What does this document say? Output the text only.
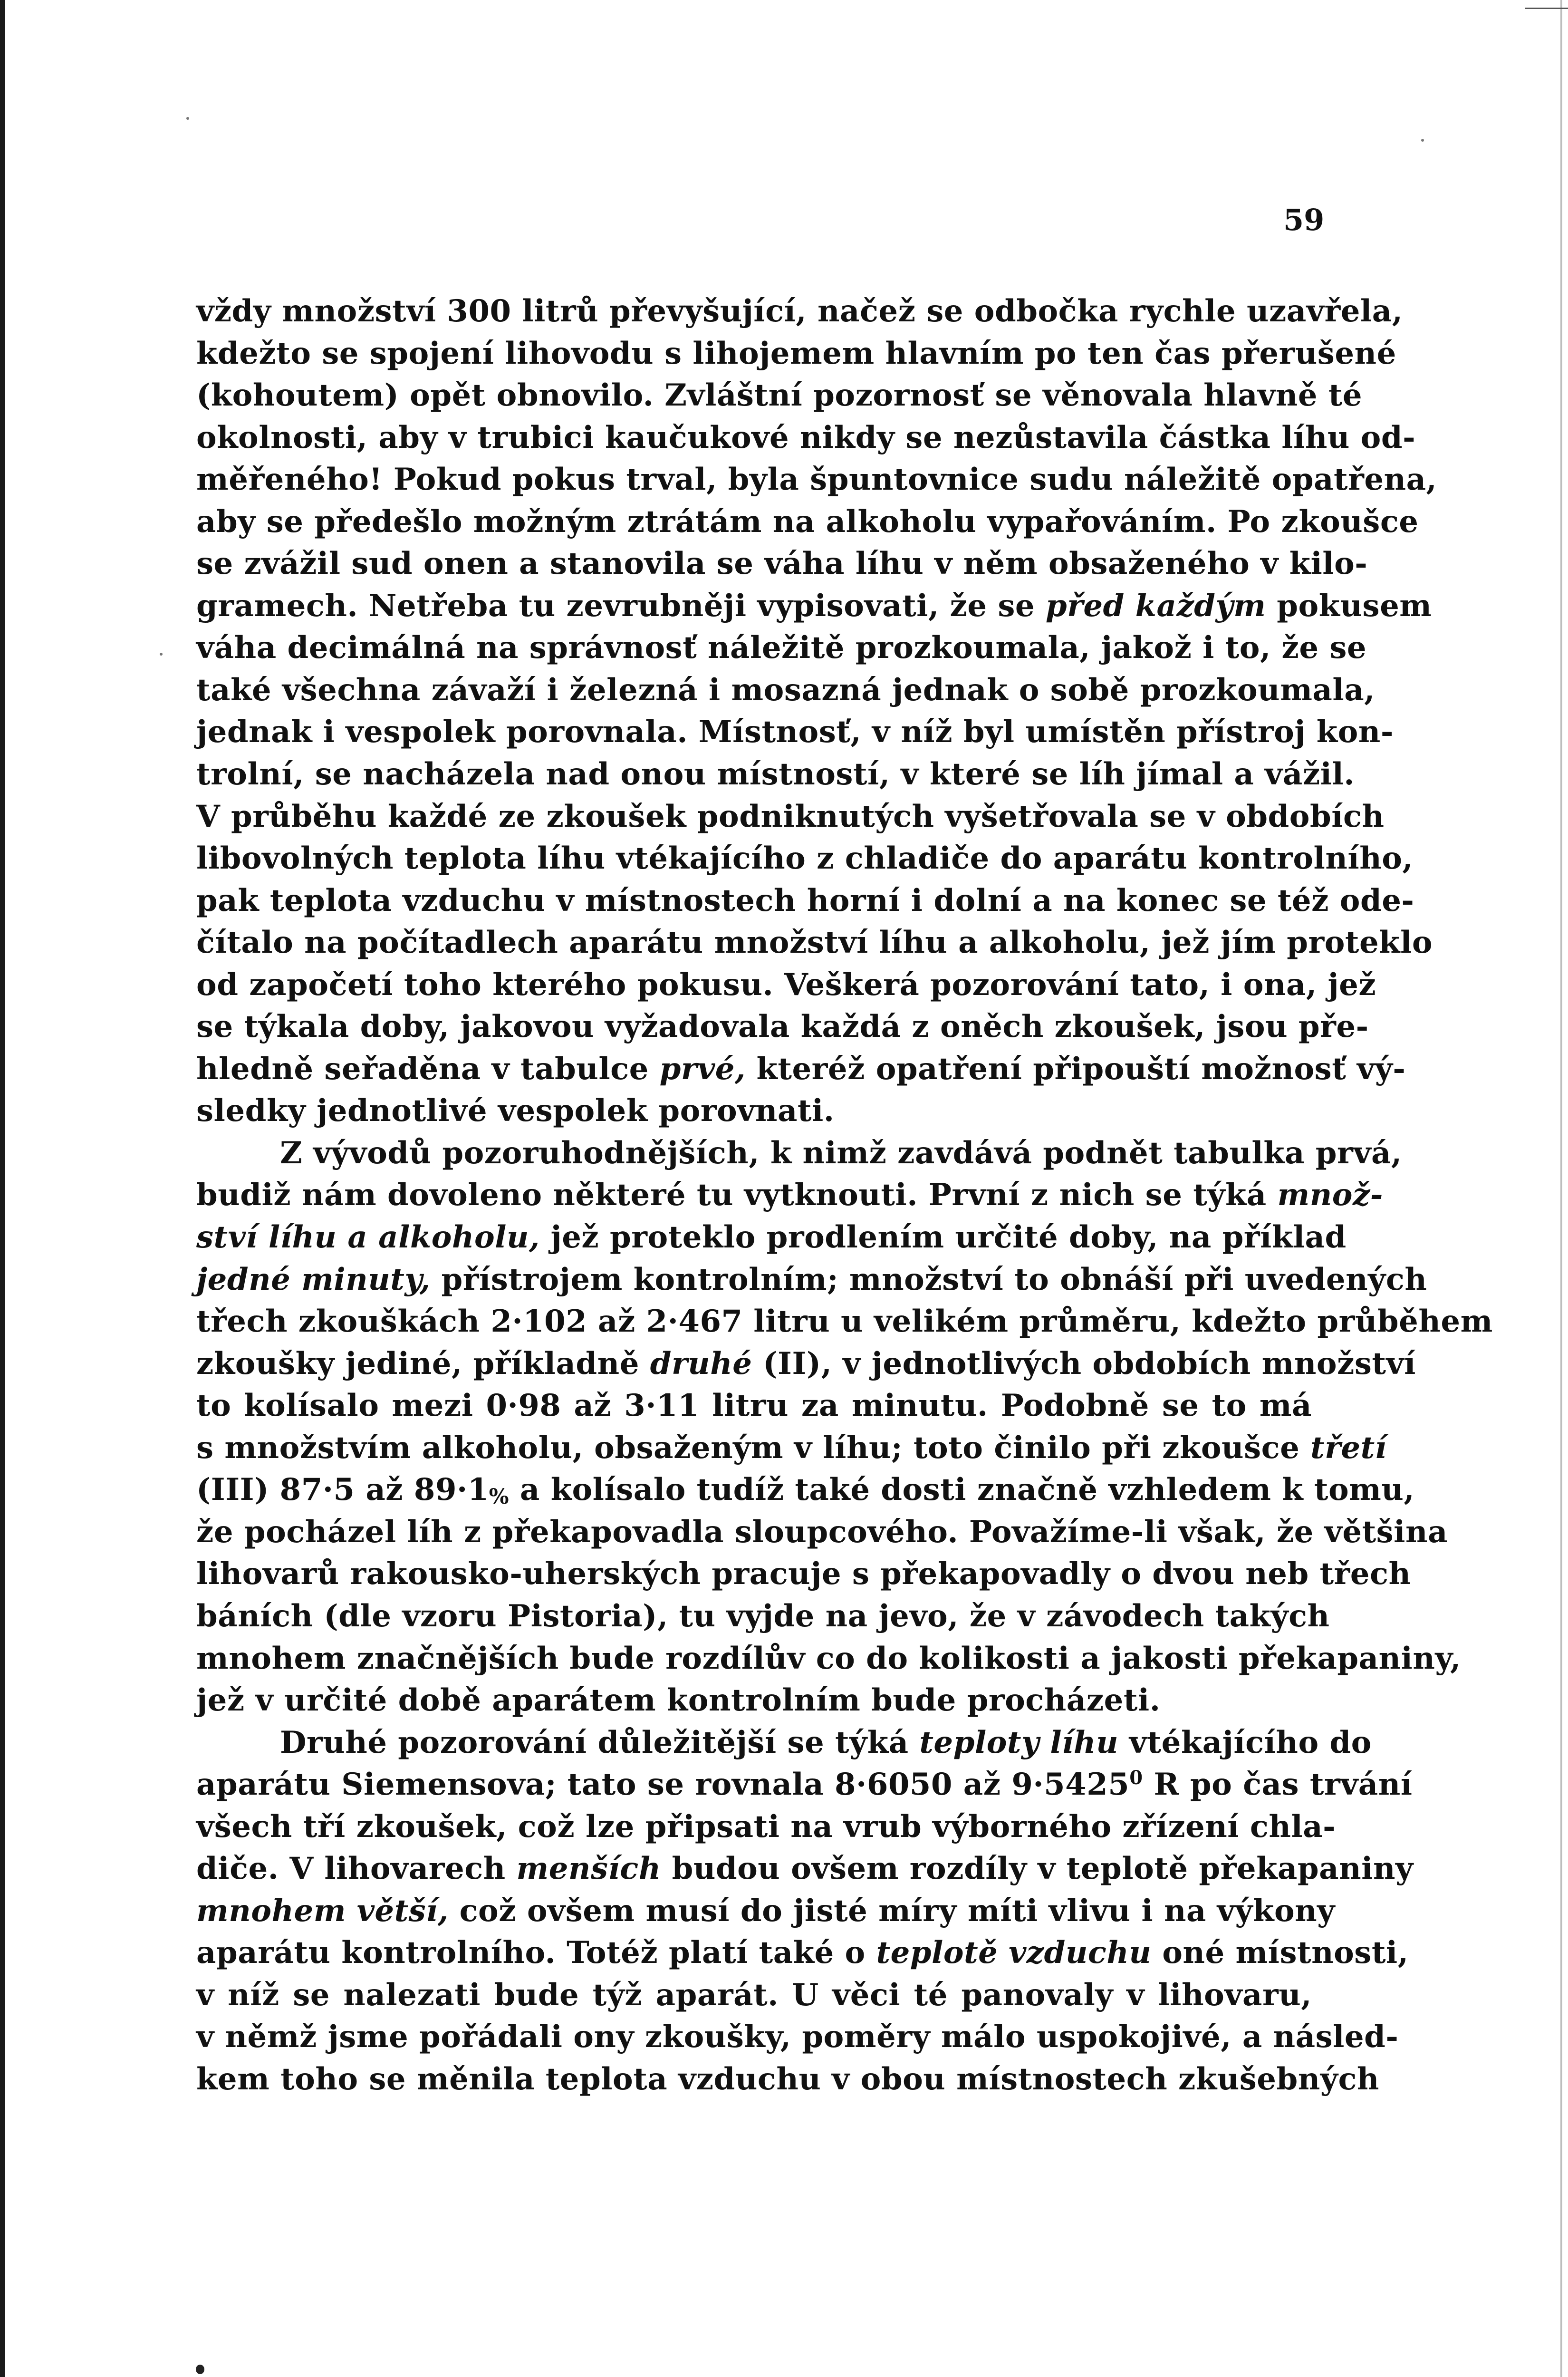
59
vždy množství 300 litrů převyšující, načež se odbočka rychle uzavřela,
kdežto se spojení lihovodu s lihojemem hlavním po ten čas přerušené
(kohoutem) opět obnovilo. Zvláštní pozornosť se věnovala hlavně té
okolnosti, aby v trubici kaučukové nikdy se nezůstavila částka líhu od-
měřeného! Pokud pokus trval, byla špuntovnice sudu náležitě opatřena,
aby se předešlo možným ztrátám na alkoholu vypařováním. Po zkoušce
se zvážil sud onen a stanovila se váha líhu v něm obsaženého v kilo-
gramech. Netřeba tu zevrubněji vypisovati, že se před každým pokusem
váha decimálná na správnosť náležitě prozkoumala, jakož i to, že se
také všechna závaží i železná i mosazná jednak o sobě prozkoumala,
jednak i vespolek porovnala. Místnosť, v níž byl umístěn přístroj kon-
trolní, se nacházela nad onou místností, v které se líh jímal a vážil.
V průběhu každé ze zkoušek podniknutých vyšetřovala se v obdobích
libovolných teplota líhu vtékajícího z chladiče do aparátu kontrolního,
pak teplota vzduchu v místnostech horní i dolní a na konec se též ode-
čítalo na počítadlech aparátu množství líhu a alkoholu, jež jím proteklo
od započetí toho kterého pokusu. Veškerá pozorování tato, i ona, jež
se týkala doby, jakovou vyžadovala každá z oněch zkoušek, jsou pře-
hledně seřaděna v tabulce prvé, kteréž opatření připouští možnosť vý-
sledky jednotlivé vespolek porovnati.
Z vývodů pozoruhodnějších, k nimž zavdává podnět tabulka prvá,
budiž nám dovoleno některé tu vytknouti. První z nich se týká množ-
ství líhu a alkoholu, jež proteklo prodlením určité doby, na příklad
jedné minuty, přístrojem kontrolním; množství to obnáší při uvedených
třech zkouškách 2·102 až 2·467 litru u velikém průměru, kdežto průběhem
zkoušky jediné, příkladně druhé (II), v jednotlivých obdobích množství
to kolísalo mezi 0·98 až 3·11 litru za minutu. Podobně se to má
s množstvím alkoholu, obsaženým v líhu; toto činilo při zkoušce třetí
(III) 87·5 až $89\cdot 1_{\%}$ a kolísalo tudíž také dosti značně vzhledem k tomu,
že pocházel líh z překapovadla sloupcového. Považíme-li však, že většina
lihovarů rakousko-uherských pracuje s překapovadly o dvou neb třech
báních (dle vzoru Pistoria), tu vyjde na jevo, že v závodech takých
mnohem značnějších bude rozdílův co do kolikosti a jakosti překapaniny,
jež v určité době aparátem kontrolním bude procházeti.
Druhé pozorování důležitější se týká teploty líhu vtékajícího do
aparátu Siemensova; tato se rovnala 8·6050 až $9\cdot 5425^0$ R po čas trvání
všech tří zkoušek, což lze připsati na vrub výborného zřízení chla-
diče. V lihovarech menších budou ovšem rozdíly v teplotě překapaniny
mnohem větší, což ovšem musí do jisté míry míti vlivu i na výkony
aparátu kontrolního. Totéž platí také o teplotě vzduchu oné místnosti,
v níž se nalezati bude týž aparát. U věci té panovaly v lihovaru,
v němž jsme pořádali ony zkoušky, poměry málo uspokojivé, a násled-
kem toho se měnila teplota vzduchu v obou místnostech zkušebných
